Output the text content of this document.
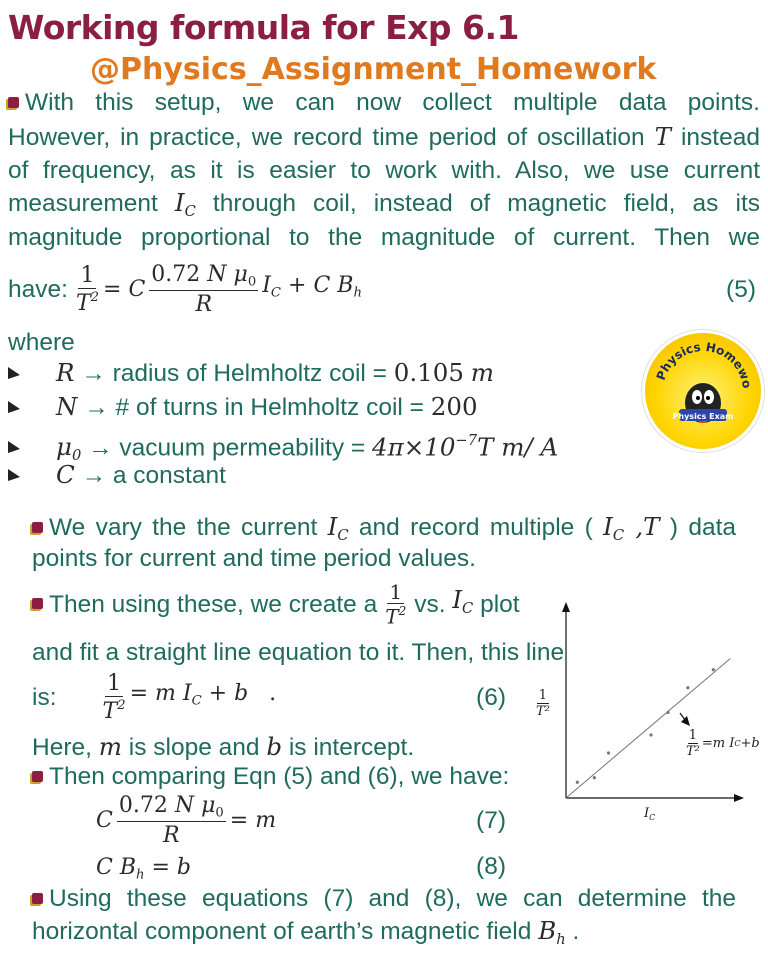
Working formula for Exp 6.1
@Physics_Assignment_Homework
With this setup, we can now collect multiple data points.
However, in practice, we record time period of oscillation T instead
of frequency, as it is easier to work with. Also, we use current
measurement $I_C$ through coil, instead of magnetic field, as its
magnitude proportional to the magnitude of current. Then we
have: $\frac{1}{T^2} = C \frac{0.72 N \mu_0}{R} I_C + C$ $B_h$	(5)
where
R → radius of Helmholtz coil = 0.105 m
N → # of turns in Helmholtz coil = 200
$\mu_0$ → vacuum permeability = $4\pi\times 10^{-7}T$ m/ A
C → a constant
Physics Homewo
Physics Exam
We vary the the current $I_C$ and record multiple ( $I_C$ ,T ) data
points for current and time period values.
Then using these, we create a $\frac{1}{T^2}$ vs.
$I_C$
plot
and fit a straight line equation to it. Then, this line
is: $\frac{1}{T^2} = m$ $I_C + b$   .	(6)
Here, m is slope and b is intercept.
Then comparing Eqn (5) and (6), we have:
C $\frac{0.72 N \mu_0}{R} = m$	(7)
C $B_h = b$	(8)
Using these equations (7) and (8), we can determine the
horizontal component of earth’s magnetic field $B_h$ .
1
T²
$I_C$
$\frac{1}{\text{T²}} =m$ I C +b
